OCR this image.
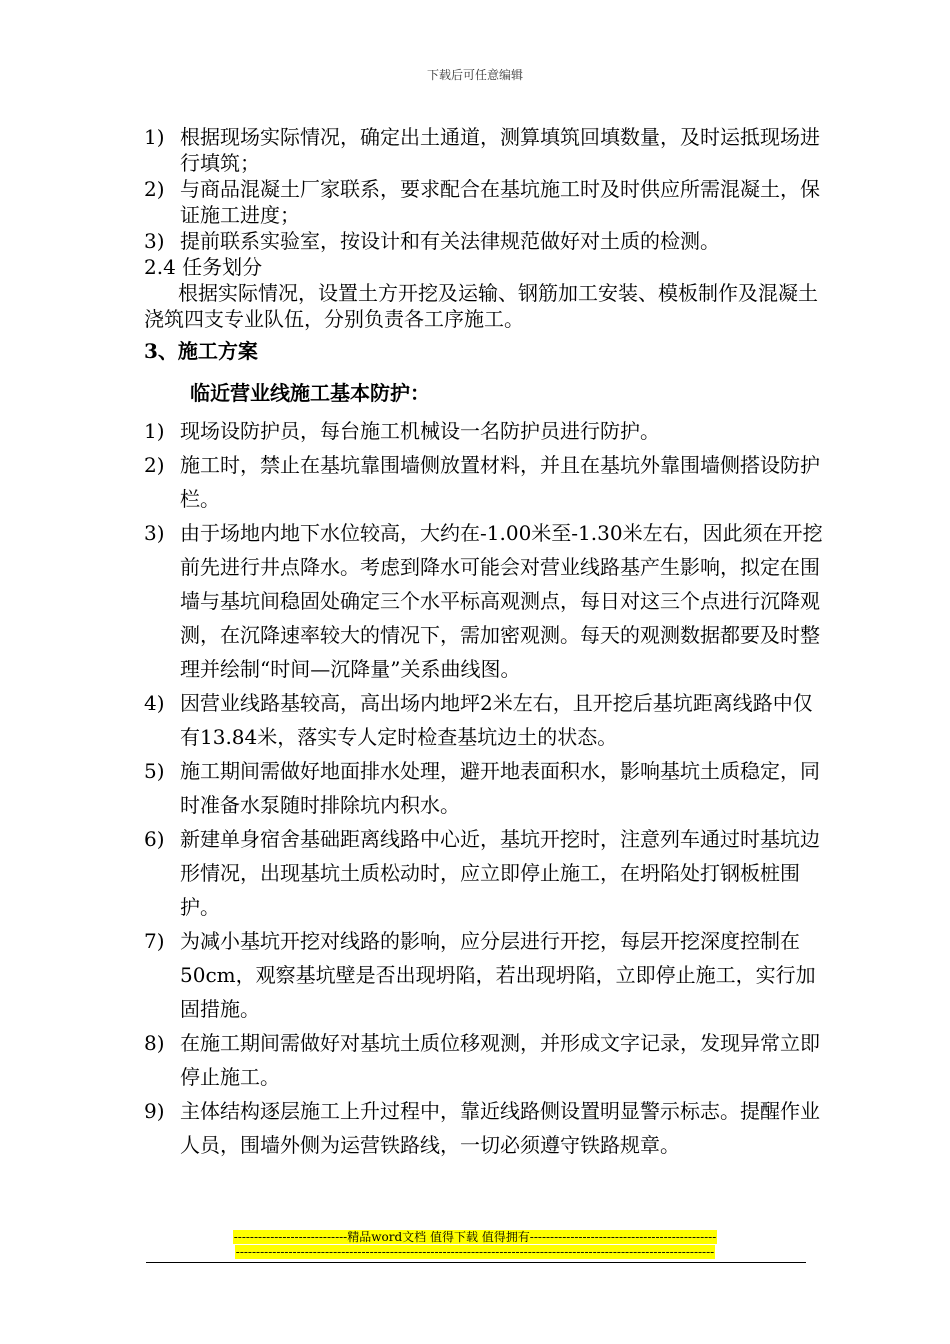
下载后可任意编辑
1) 根据现场实际情况，确定出土通道，测算填筑回填数量，及时运抵现场进行填筑；
2) 与商品混凝土厂家联系，要求配合在基坑施工时及时供应所需混凝土，保证施工进度；
3) 提前联系实验室，按设计和有关法律规范做好对土质的检测。
2.4 任务划分
根据实际情况，设置土方开挖及运输、钢筋加工安装、模板制作及混凝土浇筑四支专业队伍，分别负责各工序施工。
3、施工方案
临近营业线施工基本防护：
1) 现场设防护员，每台施工机械设一名防护员进行防护。
2) 施工时，禁止在基坑靠围墙侧放置材料，并且在基坑外靠围墙侧搭设防护栏。
3) 由于场地内地下水位较高，大约在-1.00米至-1.30米左右，因此须在开挖前先进行井点降水。考虑到降水可能会对营业线路基产生影响，拟定在围墙与基坑间稳固处确定三个水平标高观测点，每日对这三个点进行沉降观测，在沉降速率较大的情况下，需加密观测。每天的观测数据都要及时整理并绘制“时间—沉降量”关系曲线图。
4) 因营业线路基较高，高出场内地坪2米左右，且开挖后基坑距离线路中仅有13.84米，落实专人定时检查基坑边土的状态。
5) 施工期间需做好地面排水处理，避开地表面积水，影响基坑土质稳定，同时准备水泵随时排除坑内积水。
6) 新建单身宿舍基础距离线路中心近，基坑开挖时，注意列车通过时基坑边形情况，出现基坑土质松动时，应立即停止施工，在坍陷处打钢板桩围护。
7) 为减小基坑开挖对线路的影响，应分层进行开挖，每层开挖深度控制在50cm，观察基坑壁是否出现坍陷，若出现坍陷，立即停止施工，实行加固措施。
8) 在施工期间需做好对基坑土质位移观测，并形成文字记录，发现异常立即停止施工。
9) 主体结构逐层施工上升过程中，靠近线路侧设置明显警示标志。提醒作业人员，围墙外侧为运营铁路线，一切必须遵守铁路规章。
----------------------------精品word文档 值得下载 值得拥有----------------------------------------------
----------------------------------------------------------------------------------------------------------------------
